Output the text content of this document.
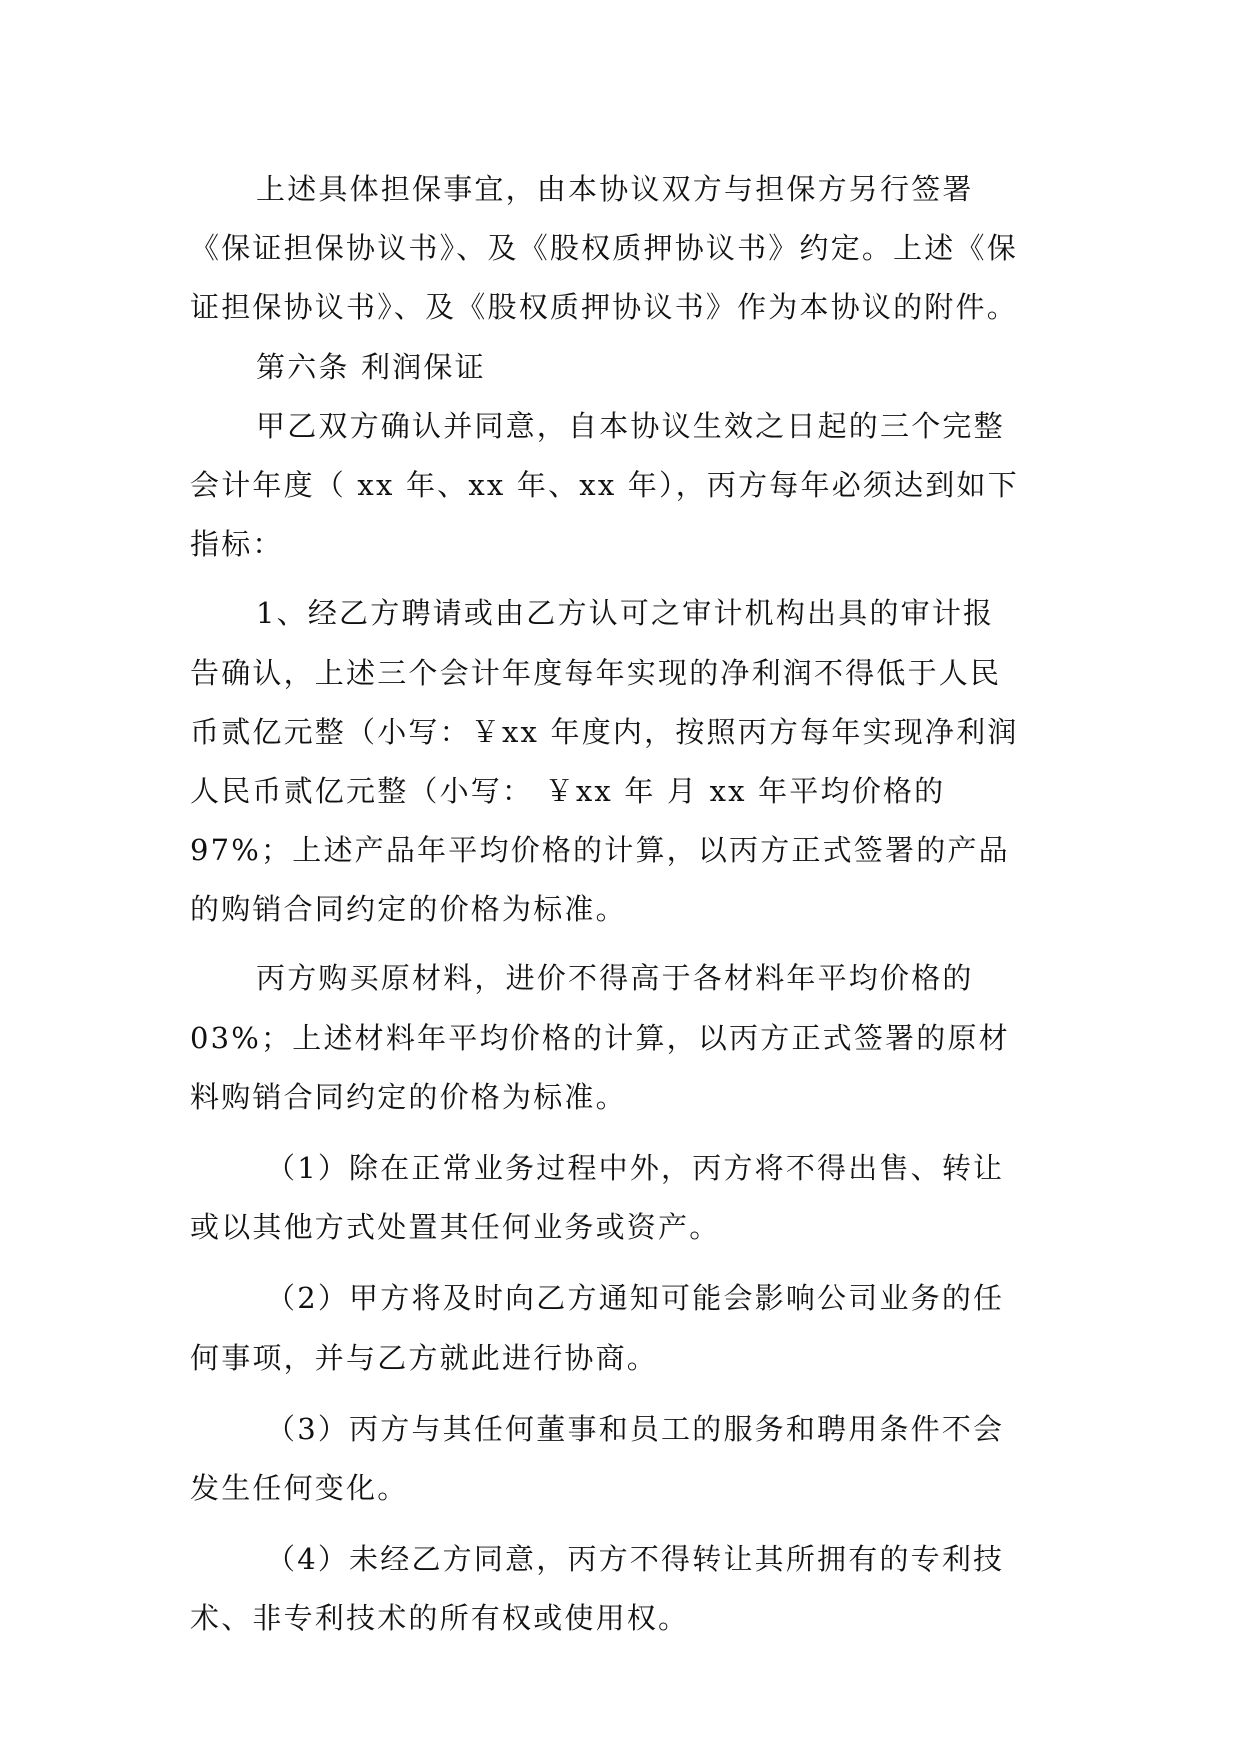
上述具体担保事宜，由本协议双方与担保方另行签署
《保证担保协议书》、及《股权质押协议书》约定。上述《保
证担保协议书》、及《股权质押协议书》作为本协议的附件。

第六条 利润保证

甲乙双方确认并同意，自本协议生效之日起的三个完整
会计年度（ xx 年、xx 年、xx 年），丙方每年必须达到如下
指标：

1、经乙方聘请或由乙方认可之审计机构出具的审计报
告确认，上述三个会计年度每年实现的净利润不得低于人民
币贰亿元整（小写：￥xx 年度内，按照丙方每年实现净利润
人民币贰亿元整（小写： ￥xx 年 月 xx 年平均价格的
97%；上述产品年平均价格的计算，以丙方正式签署的产品
的购销合同约定的价格为标准。

丙方购买原材料，进价不得高于各材料年平均价格的
03%；上述材料年平均价格的计算，以丙方正式签署的原材
料购销合同约定的价格为标准。

（1）除在正常业务过程中外，丙方将不得出售、转让
或以其他方式处置其任何业务或资产。

（2）甲方将及时向乙方通知可能会影响公司业务的任
何事项，并与乙方就此进行协商。

（3）丙方与其任何董事和员工的服务和聘用条件不会
发生任何变化。

（4）未经乙方同意，丙方不得转让其所拥有的专利技
术、非专利技术的所有权或使用权。
